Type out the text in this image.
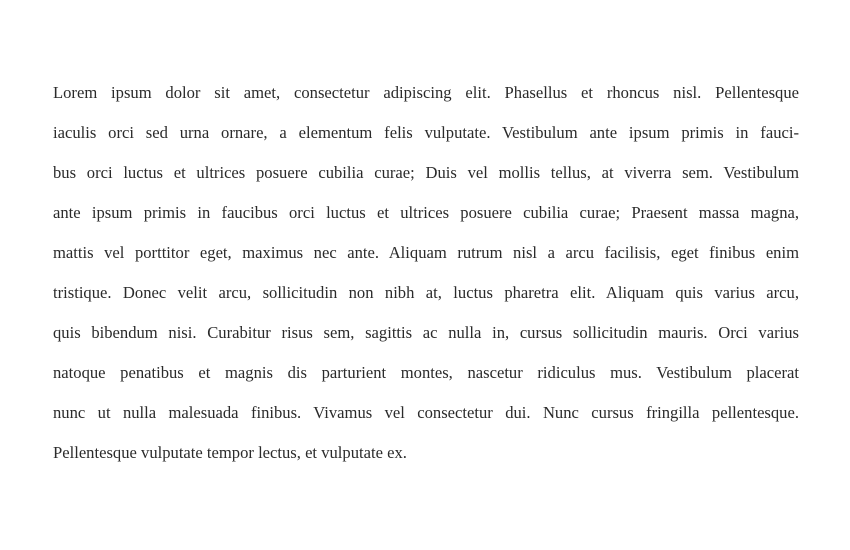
Lorem ipsum dolor sit amet, consectetur adipiscing elit. Phasellus et rhoncus nisl. Pellentesque
iaculis orci sed urna ornare, a elementum felis vulputate. Vestibulum ante ipsum primis in fauci-
bus orci luctus et ultrices posuere cubilia curae; Duis vel mollis tellus, at viverra sem. Vestibulum
ante ipsum primis in faucibus orci luctus et ultrices posuere cubilia curae; Praesent massa magna,
mattis vel porttitor eget, maximus nec ante. Aliquam rutrum nisl a arcu facilisis, eget finibus enim
tristique. Donec velit arcu, sollicitudin non nibh at, luctus pharetra elit. Aliquam quis varius arcu,
quis bibendum nisi. Curabitur risus sem, sagittis ac nulla in, cursus sollicitudin mauris. Orci varius
natoque penatibus et magnis dis parturient montes, nascetur ridiculus mus. Vestibulum placerat
nunc ut nulla malesuada finibus. Vivamus vel consectetur dui. Nunc cursus fringilla pellentesque.
Pellentesque vulputate tempor lectus, et vulputate ex.
